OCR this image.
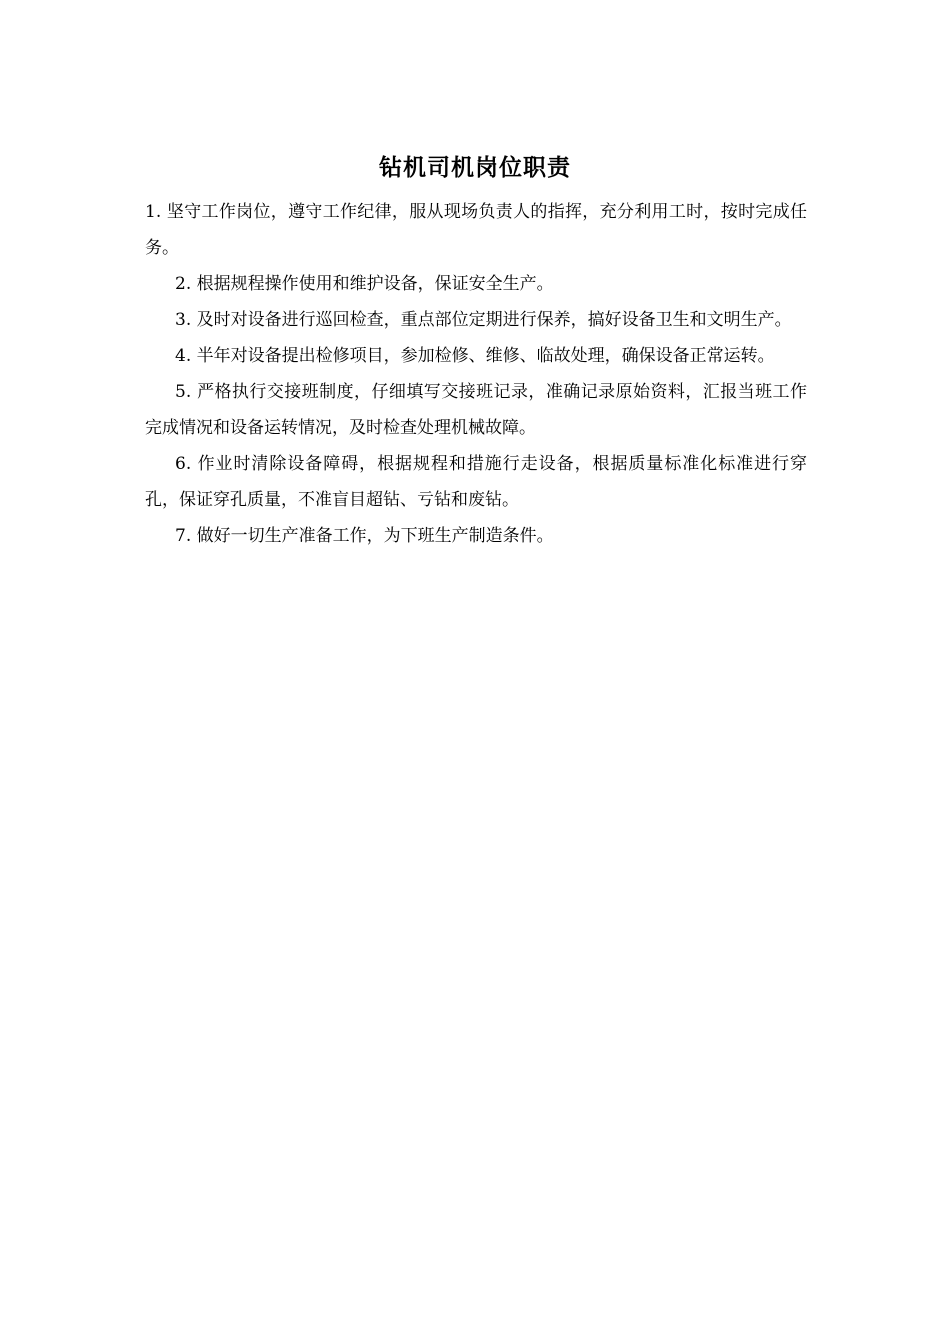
钻机司机岗位职责

1. 坚守工作岗位，遵守工作纪律，服从现场负责人的指挥，充分利用工时，按时完成任务。

2. 根据规程操作使用和维护设备，保证安全生产。

3. 及时对设备进行巡回检查，重点部位定期进行保养，搞好设备卫生和文明生产。

4. 半年对设备提出检修项目，参加检修、维修、临故处理，确保设备正常运转。

5. 严格执行交接班制度，仔细填写交接班记录，准确记录原始资料，汇报当班工作完成情况和设备运转情况，及时检查处理机械故障。

6. 作业时清除设备障碍，根据规程和措施行走设备，根据质量标准化标准进行穿孔，保证穿孔质量，不准盲目超钻、亏钻和废钻。

7. 做好一切生产准备工作，为下班生产制造条件。
